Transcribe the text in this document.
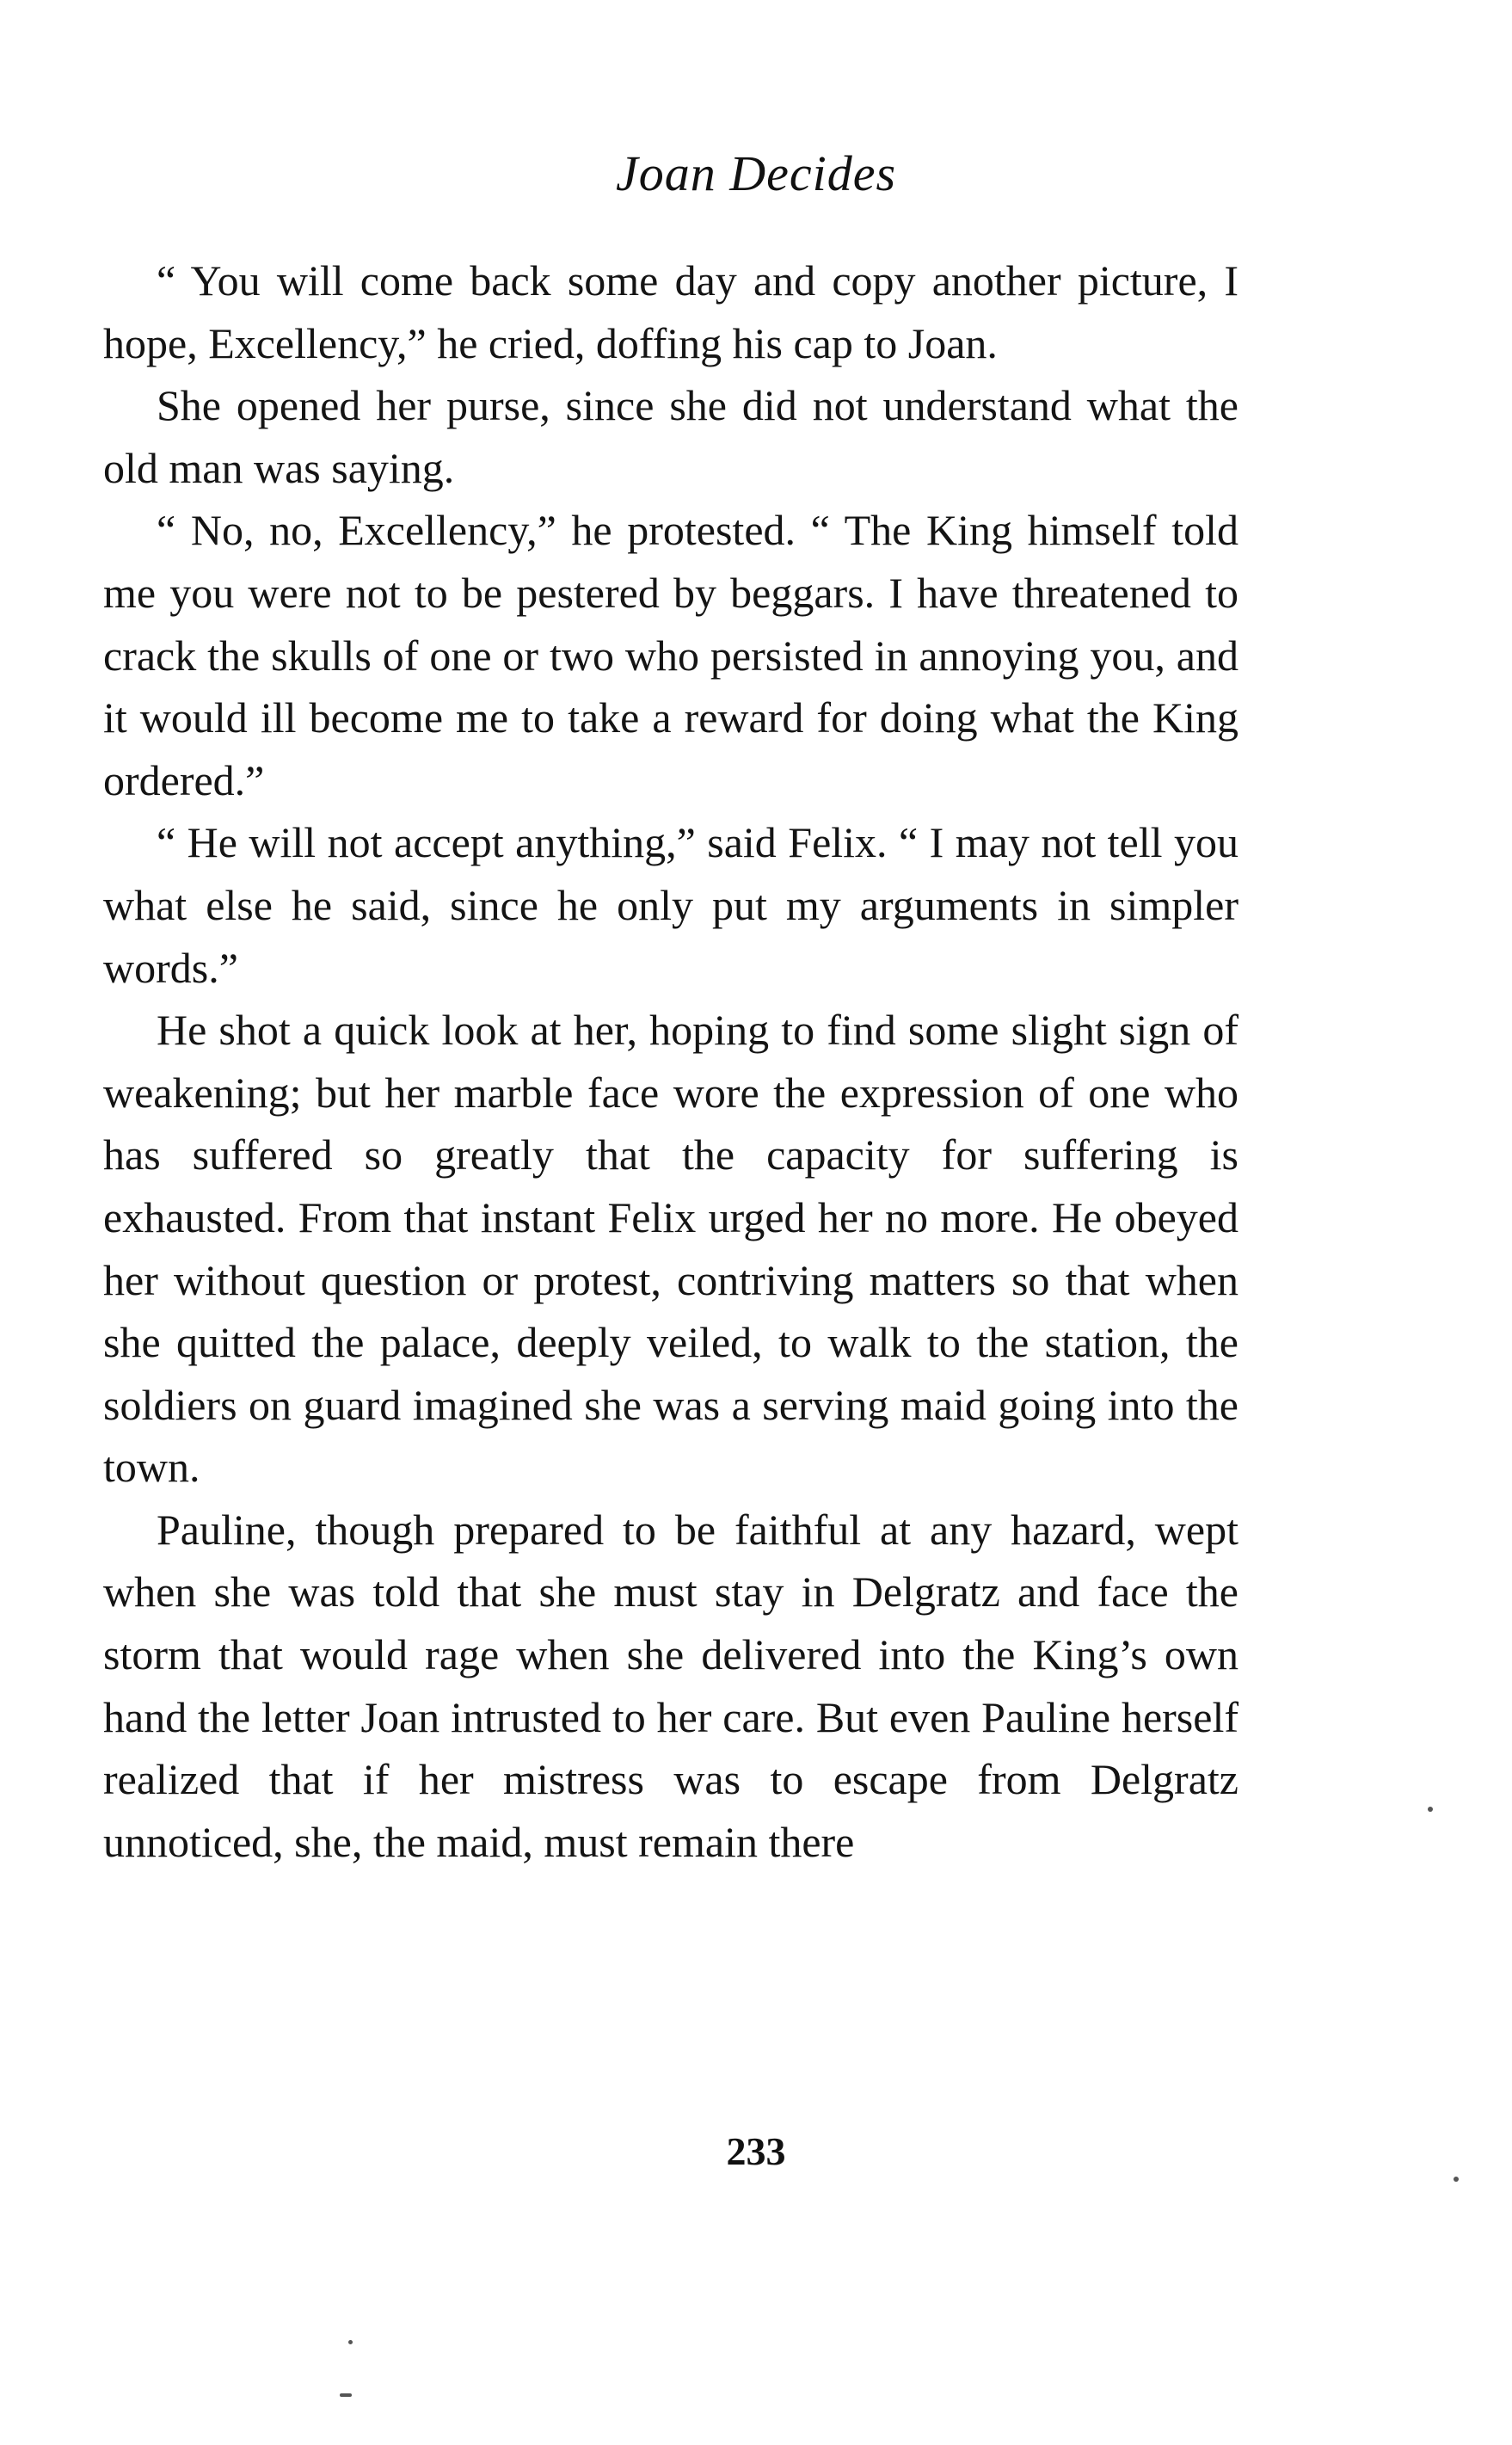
Joan Decides

“ You will come back some day and copy another picture, I hope, Excellency,” he cried, doffing his cap to Joan.

She opened her purse, since she did not understand what the old man was saying.

“ No, no, Excellency,” he protested. “ The King himself told me you were not to be pestered by beggars. I have threatened to crack the skulls of one or two who persisted in annoying you, and it would ill become me to take a reward for doing what the King ordered.”

“ He will not accept anything,” said Felix. “ I may not tell you what else he said, since he only put my arguments in simpler words.”

He shot a quick look at her, hoping to find some slight sign of weakening; but her marble face wore the expression of one who has suffered so greatly that the capacity for suffering is exhausted. From that instant Felix urged her no more. He obeyed her without question or protest, contriving matters so that when she quitted the palace, deeply veiled, to walk to the station, the soldiers on guard imagined she was a serving maid going into the town.

Pauline, though prepared to be faithful at any hazard, wept when she was told that she must stay in Delgratz and face the storm that would rage when she delivered into the King’s own hand the letter Joan intrusted to her care. But even Pauline herself realized that if her mistress was to escape from Delgratz unnoticed, she, the maid, must remain there

233
